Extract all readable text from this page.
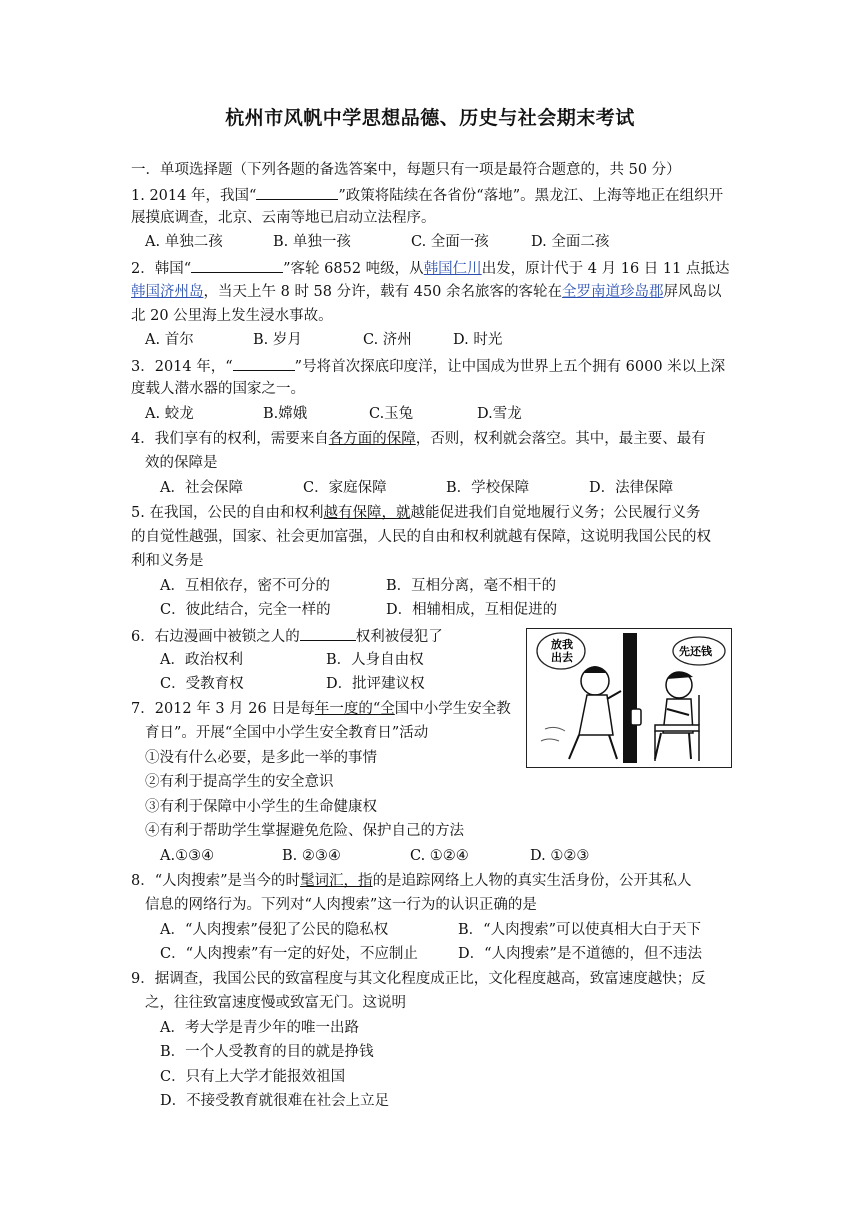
杭州市风帆中学思想品德、历史与社会期末考试
一．单项选择题（下列各题的备选答案中，每题只有一项是最符合题意的，共 50 分）
1. 2014 年，我国“	”政策将陆续在各省份“落地”。黑龙江、上海等地正在组织开
展摸底调查，北京、云南等地已启动立法程序。
A. 单独二孩	B. 单独一孩	C. 全面一孩	D. 全面二孩
2．韩国“	”客轮 6852 吨级，从韩国仁川出发，原计代于 4 月 16 日 11 点抵达
韩国济州岛，当天上午 8 时 58 分许，载有 450 余名旅客的客轮在全罗南道珍岛郡屏风岛以
北 20 公里海上发生浸水事故。
A. 首尔	B. 岁月	C. 济州	D. 时光
3．2014 年，“	”号将首次探底印度洋，让中国成为世界上五个拥有 6000 米以上深
度载人潜水器的国家之一。
A. 蛟龙	B.嫦娥	C.玉兔	D.雪龙
4．我们享有的权利，需要来自各方面的保障，否则，权利就会落空。其中，最主要、最有
效的保障是
A．社会保障	C．家庭保障	B．学校保障	D．法律保障
5. 在我国，公民的自由和权利越有保障，就越能促进我们自觉地履行义务；公民履行义务
的自觉性越强，国家、社会更加富强，人民的自由和权利就越有保障，这说明我国公民的权
利和义务是
A．互相依存，密不可分的	B．互相分离，毫不相干的
C．彼此结合，完全一样的	D．相辅相成，互相促进的
6．右边漫画中被锁之人的	权利被侵犯了
A．政治权利	B．人身自由权
C．受教育权	D．批评建议权
放我
出去	先还钱
7．2012 年 3 月 26 日是每年一度的“全国中小学生安全教
育日”。开展“全国中小学生安全教育日”活动
①没有什么必要，是多此一举的事情
②有利于提高学生的安全意识
③有利于保障中小学生的生命健康权
④有利于帮助学生掌握避免危险、保护自己的方法
A.①③④	B. ②③④	C. ①②④	D. ①②③
8．“人肉搜索”是当今的时髦词汇，指的是追踪网络上人物的真实生活身份，公开其私人
信息的网络行为。下列对“人肉搜索”这一行为的认识正确的是
A．“人肉搜索”侵犯了公民的隐私权	B．“人肉搜索”可以使真相大白于天下
C．“人肉搜索”有一定的好处，不应制止	D．“人肉搜索”是不道德的，但不违法
9．据调查，我国公民的致富程度与其文化程度成正比，文化程度越高，致富速度越快；反
之，往往致富速度慢或致富无门。这说明
A．考大学是青少年的唯一出路
B．一个人受教育的目的就是挣钱
C．只有上大学才能报效祖国
D．不接受教育就很难在社会上立足
